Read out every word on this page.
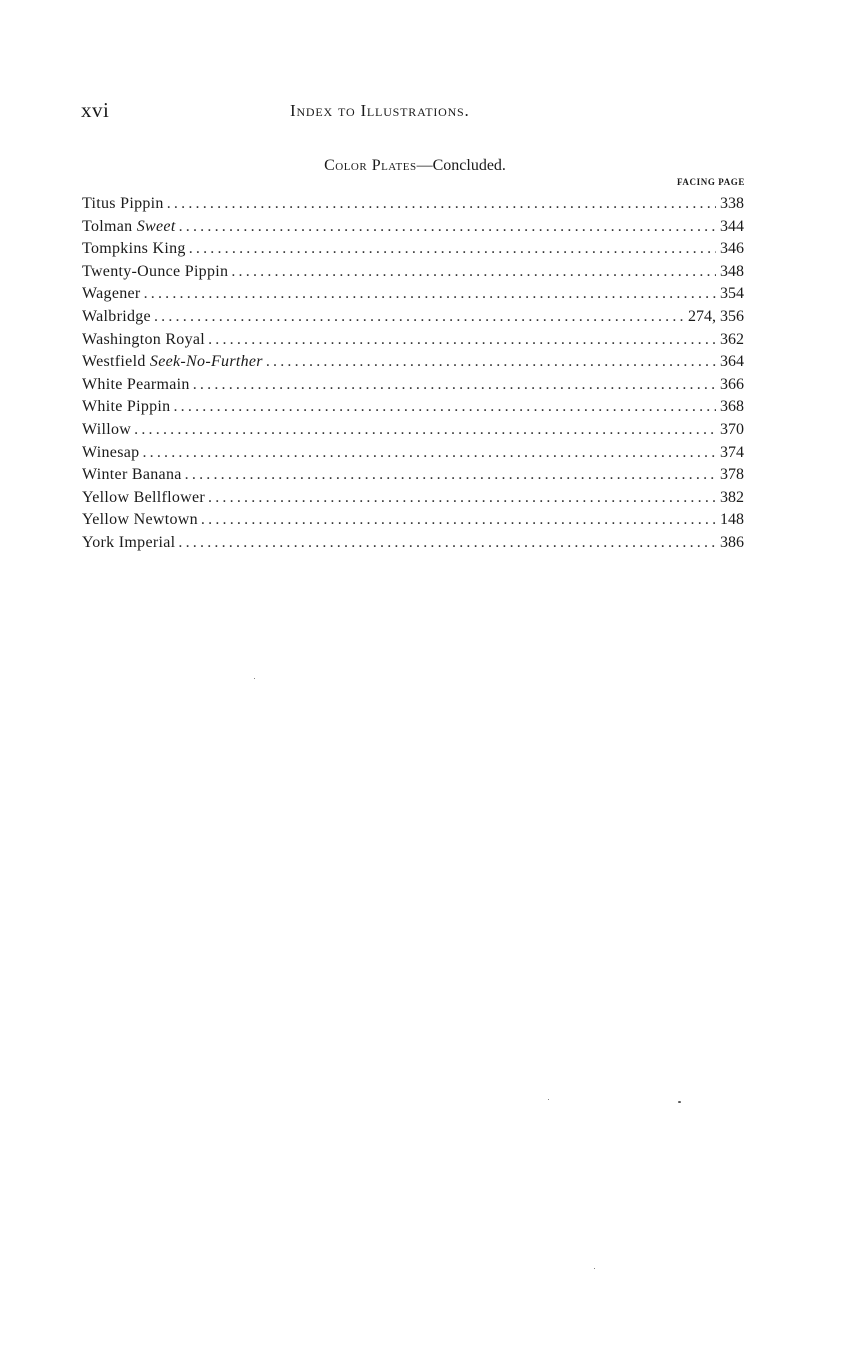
xvi	Index to Illustrations.
Color Plates—Concluded.
FACING PAGE
Titus Pippin .....	338
Tolman Sweet .....	344
Tompkins King .....	346
Twenty-Ounce Pippin .....	348
Wagener .....	354
Walbridge .....	274, 356
Washington Royal .....	362
Westfield Seek-No-Further .....	364
White Pearmain .....	366
White Pippin .....	368
Willow .....	370
Winesap .....	374
Winter Banana .....	378
Yellow Bellflower .....	382
Yellow Newtown .....	148
York Imperial .....	386
